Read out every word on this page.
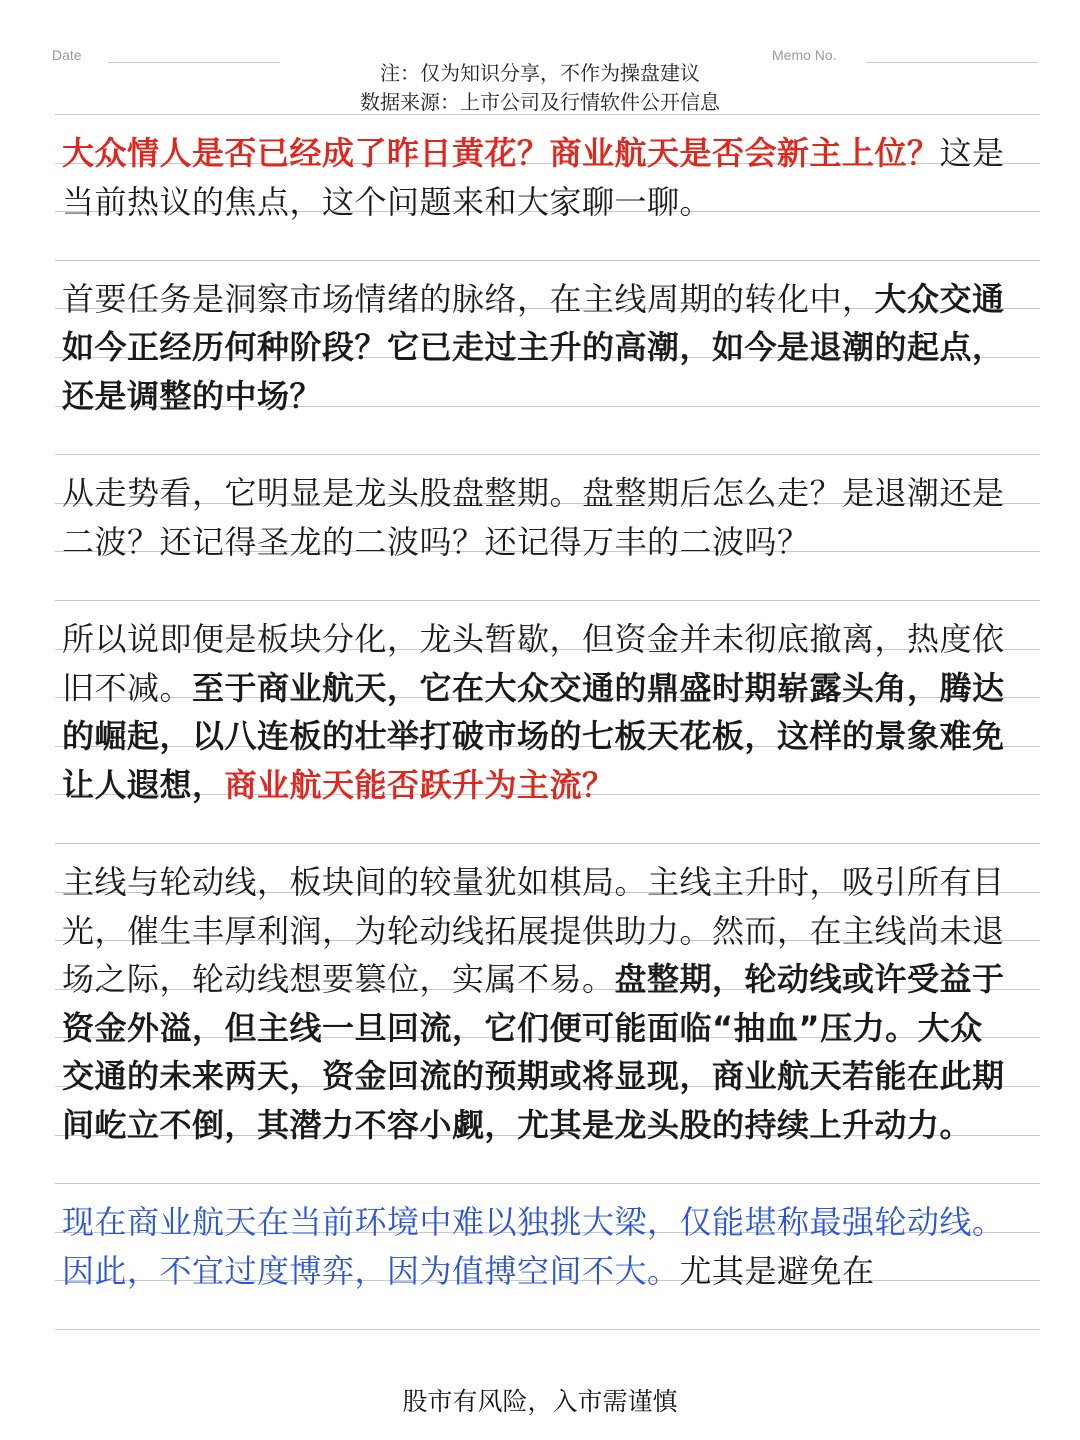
Date	Memo No.
注：仅为知识分享，不作为操盘建议
数据来源：上市公司及行情软件公开信息

大众情人是否已经成了昨日黄花？商业航天是否会新主上位？这是当前热议的焦点，这个问题来和大家聊一聊。

首要任务是洞察市场情绪的脉络，在主线周期的转化中，大众交通如今正经历何种阶段？它已走过主升的高潮，如今是退潮的起点，还是调整的中场？

从走势看，它明显是龙头股盘整期。盘整期后怎么走？是退潮还是二波？还记得圣龙的二波吗？还记得万丰的二波吗？

所以说即便是板块分化，龙头暂歇，但资金并未彻底撤离，热度依旧不减。至于商业航天，它在大众交通的鼎盛时期崭露头角，腾达的崛起，以八连板的壮举打破市场的七板天花板，这样的景象难免让人遐想，商业航天能否跃升为主流？

主线与轮动线，板块间的较量犹如棋局。主线主升时，吸引所有目光，催生丰厚利润，为轮动线拓展提供助力。然而，在主线尚未退场之际，轮动线想要篡位，实属不易。盘整期，轮动线或许受益于资金外溢，但主线一旦回流，它们便可能面临“抽血”压力。大众交通的未来两天，资金回流的预期或将显现，商业航天若能在此期间屹立不倒，其潜力不容小觑，尤其是龙头股的持续上升动力。

现在商业航天在当前环境中难以独挑大梁，仅能堪称最强轮动线。因此，不宜过度博弈，因为值搏空间不大。尤其是避免在

股市有风险，入市需谨慎
